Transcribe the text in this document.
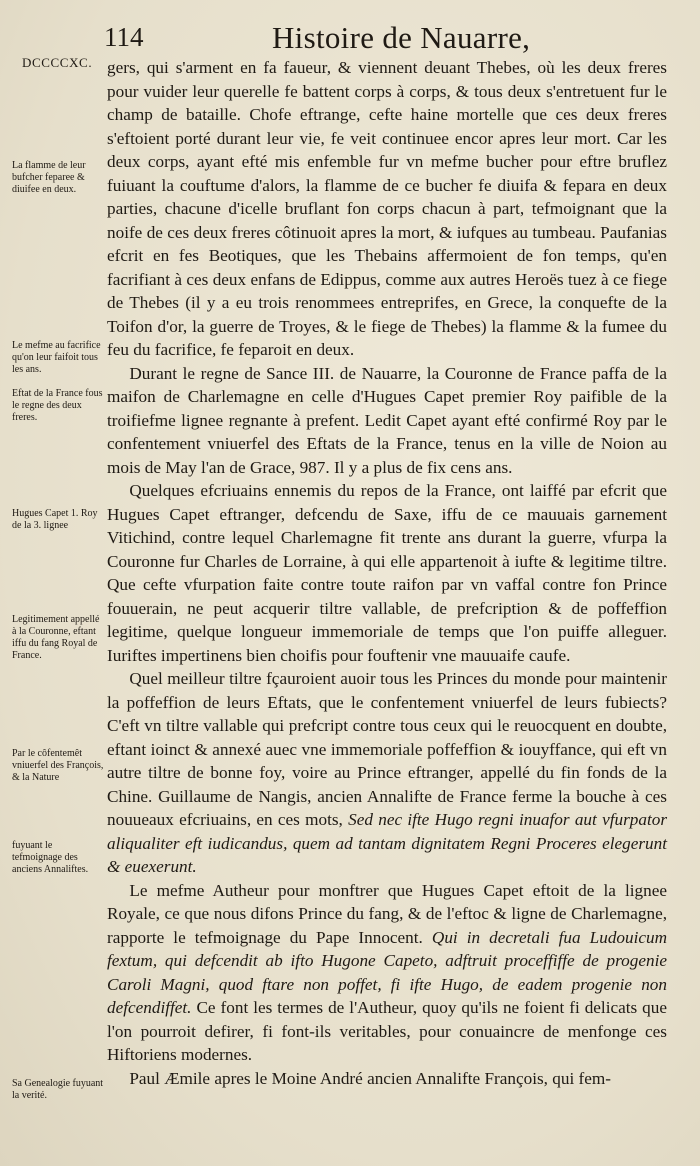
114	Histoire de Nauarre,
DCCCCXC.
La flamme de leur bufcher feparee & diuifee en deux.
Le mefme au facrifice qu'on leur faifoit tous les ans.
Eftat de la France fous le regne des deux freres.
Hugues Capet 1. Roy de la 3. lignee
Legitimement appellé à la Couronne, eftant iffu du fang Royal de France.
Par le côfentemêt vniuerfel des François, & la Nature
fuyuant le tefmoignage des anciens Annaliftes.
Sa Genealogie fuyuant la verité.

gers, qui s'arment en fa faueur, & viennent deuant Thebes, où les deux freres pour vuider leur querelle fe battent corps à corps, & tous deux s'entretuent fur le champ de bataille. Chofe eftrange, cefte haine mortelle que ces deux freres s'eftoient porté durant leur vie, fe veit continuee encor apres leur mort. Car les deux corps, ayant efté mis enfemble fur vn mefme bucher pour eftre bruflez fuiuant la couftume d'alors, la flamme de ce bucher fe diuifa & fepara en deux parties, chacune d'icelle bruflant fon corps chacun à part, tefmoignant que la noife de ces deux freres côtinuoit apres la mort, & iufques au tumbeau. Paufanias efcrit en fes Beotiques, que les Thebains affermoient de fon temps, qu'en facrifiant à ces deux enfans de Edippus, comme aux autres Heroës tuez à ce fiege de Thebes (il y a eu trois renommees entreprifes, en Grece, la conquefte de la Toifon d'or, la guerre de Troyes, & le fiege de Thebes) la flamme & la fumee du feu du facrifice, fe feparoit en deux.

Durant le regne de Sance III. de Nauarre, la Couronne de France paffa de la maifon de Charlemagne en celle d'Hugues Capet premier Roy paifible de la troifiefme lignee regnante à prefent. Ledit Capet ayant efté confirmé Roy par le confentement vniuerfel des Eftats de la France, tenus en la ville de Noion au mois de May l'an de Grace, 987. Il y a plus de fix cens ans.

Quelques efcriuains ennemis du repos de la France, ont laiffé par efcrit que Hugues Capet eftranger, defcendu de Saxe, iffu de ce mauuais garnement Vitichind, contre lequel Charlemagne fit trente ans durant la guerre, vfurpa la Couronne fur Charles de Lorraine, à qui elle appartenoit à iufte & legitime tiltre. Que cefte vfurpation faite contre toute raifon par vn vaffal contre fon Prince fouuerain, ne peut acquerir tiltre vallable, de prefcription & de poffeffion legitime, quelque longueur immemoriale de temps que l'on puiffe alleguer. Iuriftes impertinens bien choifis pour fouftenir vne mauuaife caufe.

Quel meilleur tiltre fçauroient auoir tous les Princes du monde pour maintenir la poffeffion de leurs Eftats, que le confentement vniuerfel de leurs fubiects? C'eft vn tiltre vallable qui prefcript contre tous ceux qui le reuocquent en doubte, eftant ioinct & annexé auec vne immemoriale poffeffion & iouyffance, qui eft vn autre tiltre de bonne foy, voire au Prince eftranger, appellé du fin fonds de la Chine. Guillaume de Nangis, ancien Annalifte de France ferme la bouche à ces nouueaux efcriuains, en ces mots, Sed nec ifte Hugo regni inuafor aut vfurpator aliqualiter eft iudicandus, quem ad tantam dignitatem Regni Proceres elegerunt & euexerunt.

Le mefme Autheur pour monftrer que Hugues Capet eftoit de la lignee Royale, ce que nous difons Prince du fang, & de l'eftoc & ligne de Charlemagne, rapporte le tefmoignage du Pape Innocent. Qui in decretali fua Ludouicum fextum, qui defcendit ab ifto Hugone Capeto, adftruit proceffiffe de progenie Caroli Magni, quod ftare non poffet, fi ifte Hugo, de eadem progenie non defcendiffet. Ce font les termes de l'Autheur, quoy qu'ils ne foient fi delicats que l'on pourroit defirer, fi font-ils veritables, pour conuaincre de menfonge ces Hiftoriens modernes.

Paul Æmile apres le Moine André ancien Annalifte François, qui fem-
